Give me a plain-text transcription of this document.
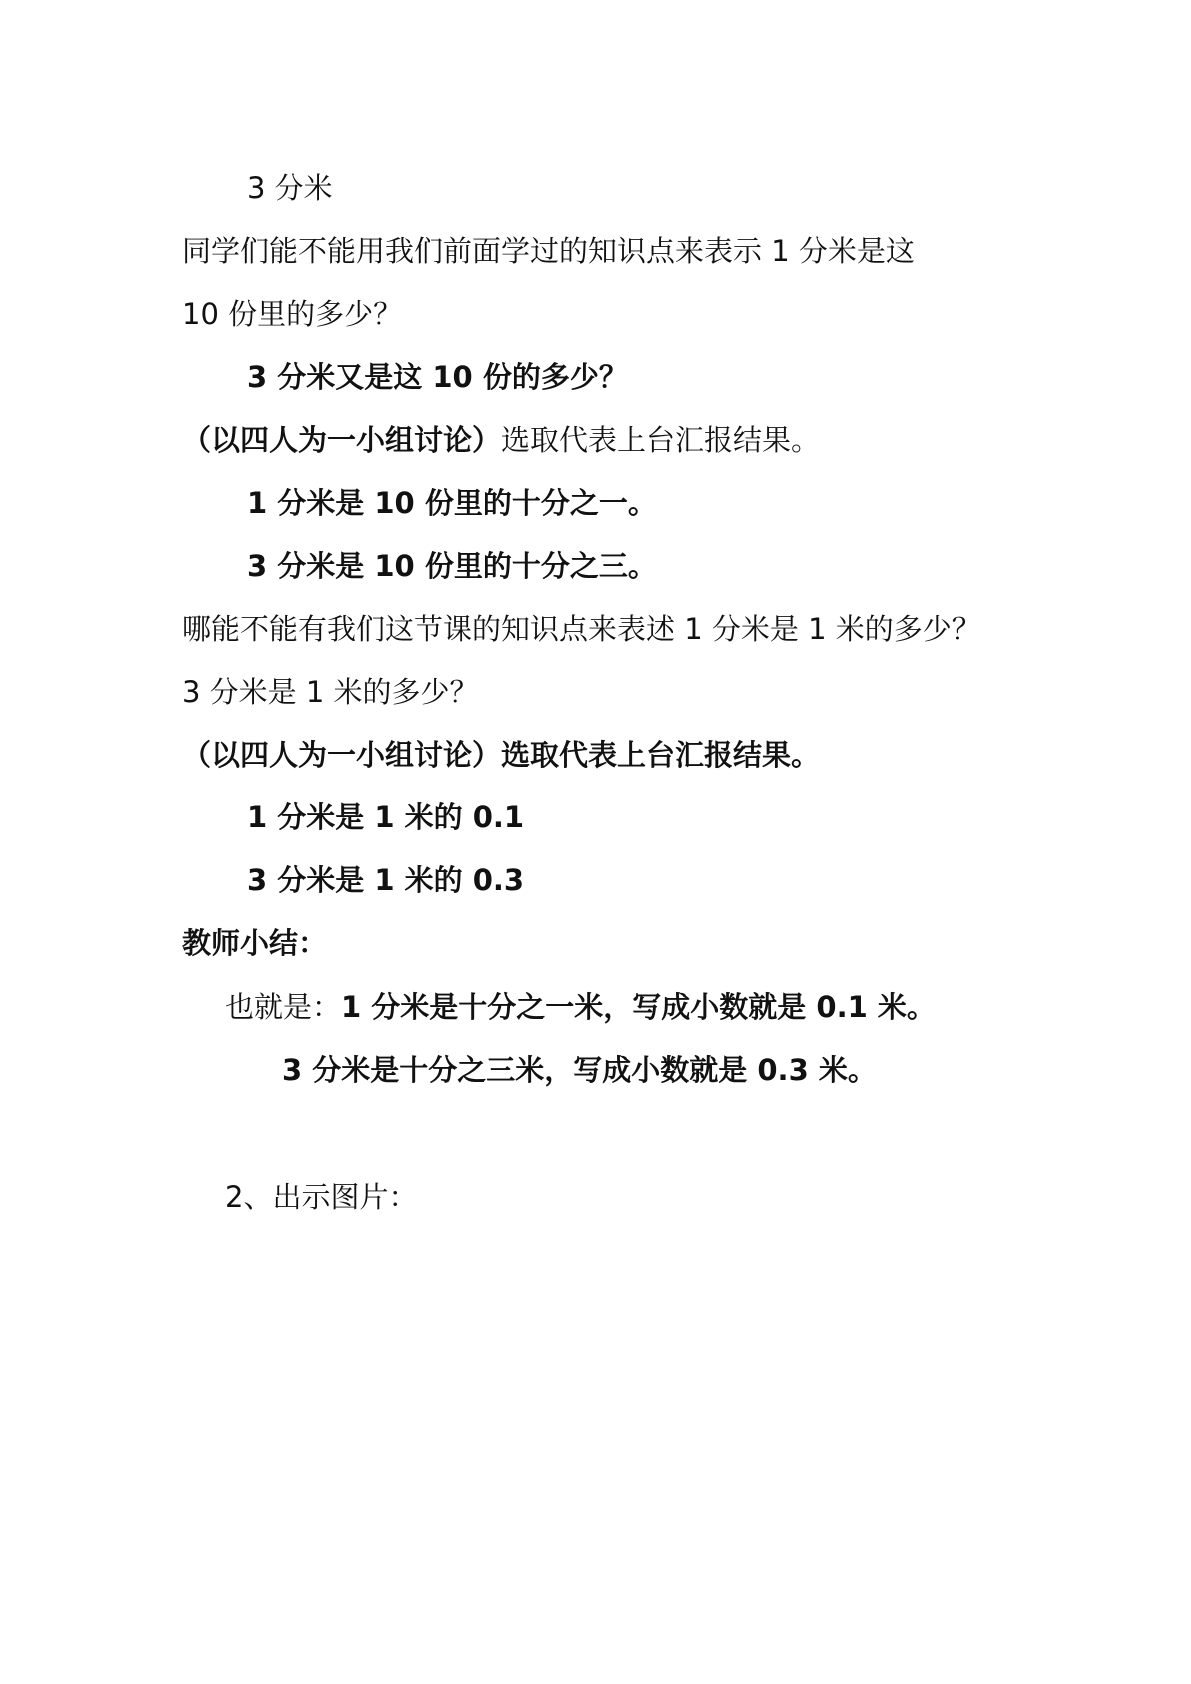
3 分米
同学们能不能用我们前面学过的知识点来表示 1 分米是这
10 份里的多少？
3 分米又是这 10 份的多少？
（以四人为一小组讨论）选取代表上台汇报结果。
1 分米是 10 份里的十分之一。
3 分米是 10 份里的十分之三。
哪能不能有我们这节课的知识点来表述 1 分米是 1 米的多少？
3 分米是 1 米的多少？
（以四人为一小组讨论）选取代表上台汇报结果。
1 分米是 1 米的 0.1
3 分米是 1 米的 0.3
教师小结：
也就是：1 分米是十分之一米，写成小数就是 0.1 米。
3 分米是十分之三米，写成小数就是 0.3 米。
2、出示图片：
